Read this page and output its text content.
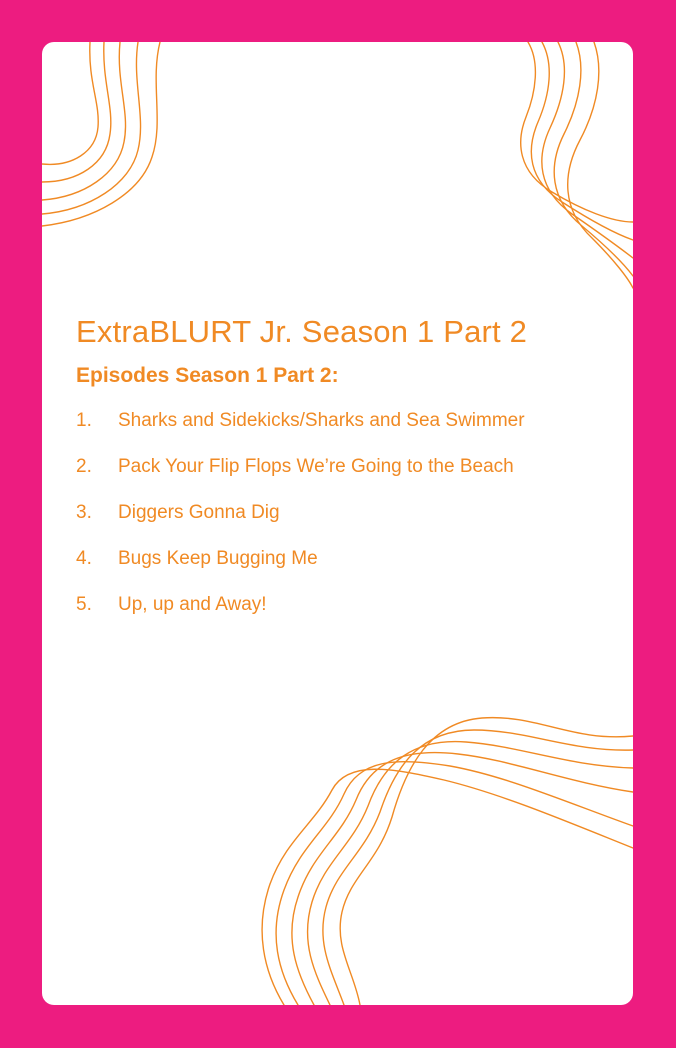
ExtraBLURT Jr. Season 1 Part 2
Episodes Season 1 Part 2:
1.	Sharks and Sidekicks/Sharks and Sea Swimmer
2.	Pack Your Flip Flops We’re Going to the Beach
3.	Diggers Gonna Dig
4.	Bugs Keep Bugging Me
5.	Up, up and Away!
